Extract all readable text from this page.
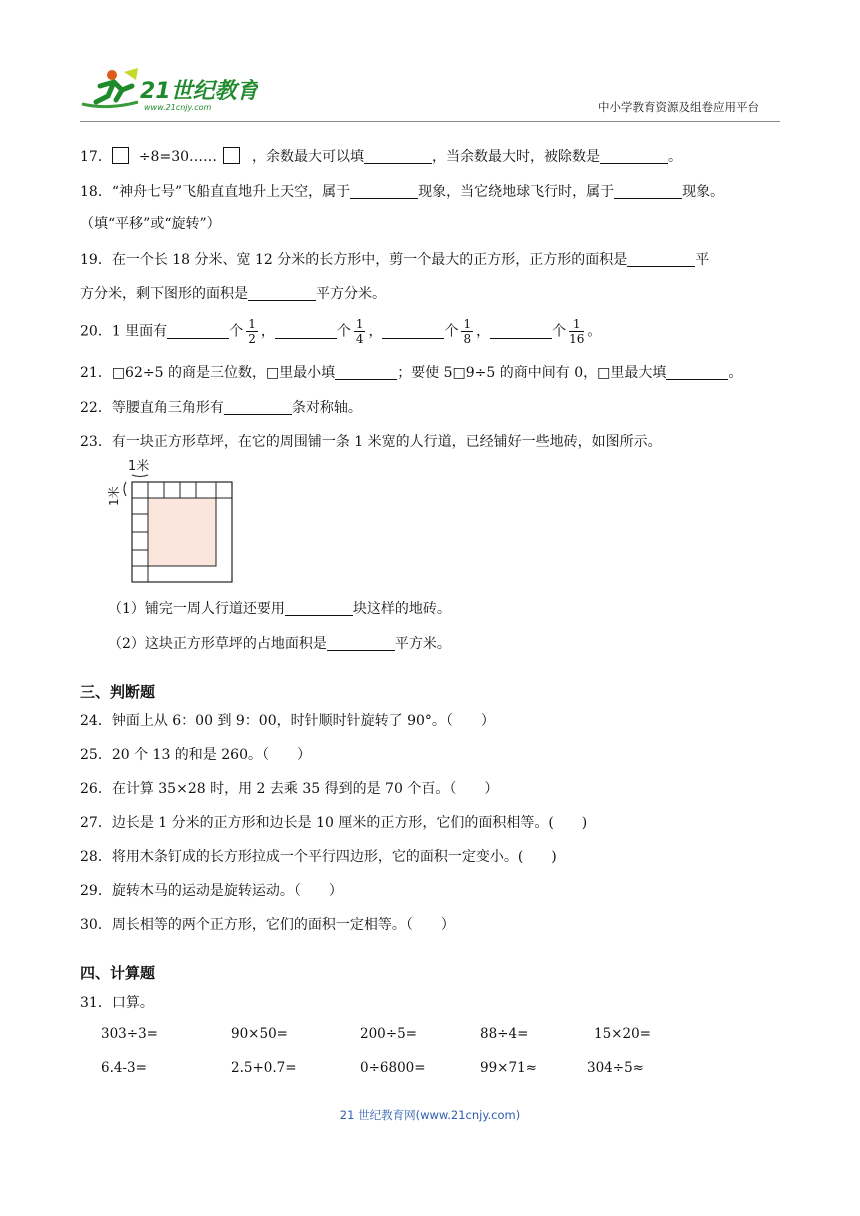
21世纪教育
www.21cnjy.com	中小学教育资源及组卷应用平台
17． ÷8=30……	，余数最大可以填	，当余数最大时，被除数是	。
18．“神舟七号”飞船直直地升上天空，属于	现象，当它绕地球飞行时，属于	现象。
（填“平移”或“旋转”）
19．在一个长 18 分米、宽 12 分米的长方形中，剪一个最大的正方形，正方形的面积是	平
方分米，剩下图形的面积是	平方分米。
20．1 里面有	个 $\frac{1}{2}$ ，	个 $\frac{1}{4}$ ，	个 $\frac{1}{8}$ ，	个 $\frac{1}{16}$ 。
21．□62÷5 的商是三位数，□里最小填	；要使 5□9÷5 的商中间有 0，□里最大填	。
22．等腰直角三角形有	条对称轴。
23．有一块正方形草坪，在它的周围铺一条 1 米宽的人行道，已经铺好一些地砖，如图所示。
1米
1米
（1）铺完一周人行道还要用	块这样的地砖。
（2）这块正方形草坪的占地面积是	平方米。
三、判断题
24．钟面上从 6：00 到 9：00，时针顺时针旋转了 90°。（　　）
25．20 个 13 的和是 260。（　　）
26．在计算 35×28 时，用 2 去乘 35 得到的是 70 个百。（　　）
27．边长是 1 分米的正方形和边长是 10 厘米的正方形，它们的面积相等。(　　)
28．将用木条钉成的长方形拉成一个平行四边形，它的面积一定变小。(　　)
29．旋转木马的运动是旋转运动。（　　）
30．周长相等的两个正方形，它们的面积一定相等。（　　）
四、计算题
31．口算。
303÷3=	90×50=	200÷5=	88÷4=	15×20=
6.4-3=	2.5+0.7=	0÷6800=	99×71≈	304÷5≈
21 世纪教育网(www.21cnjy.com)
